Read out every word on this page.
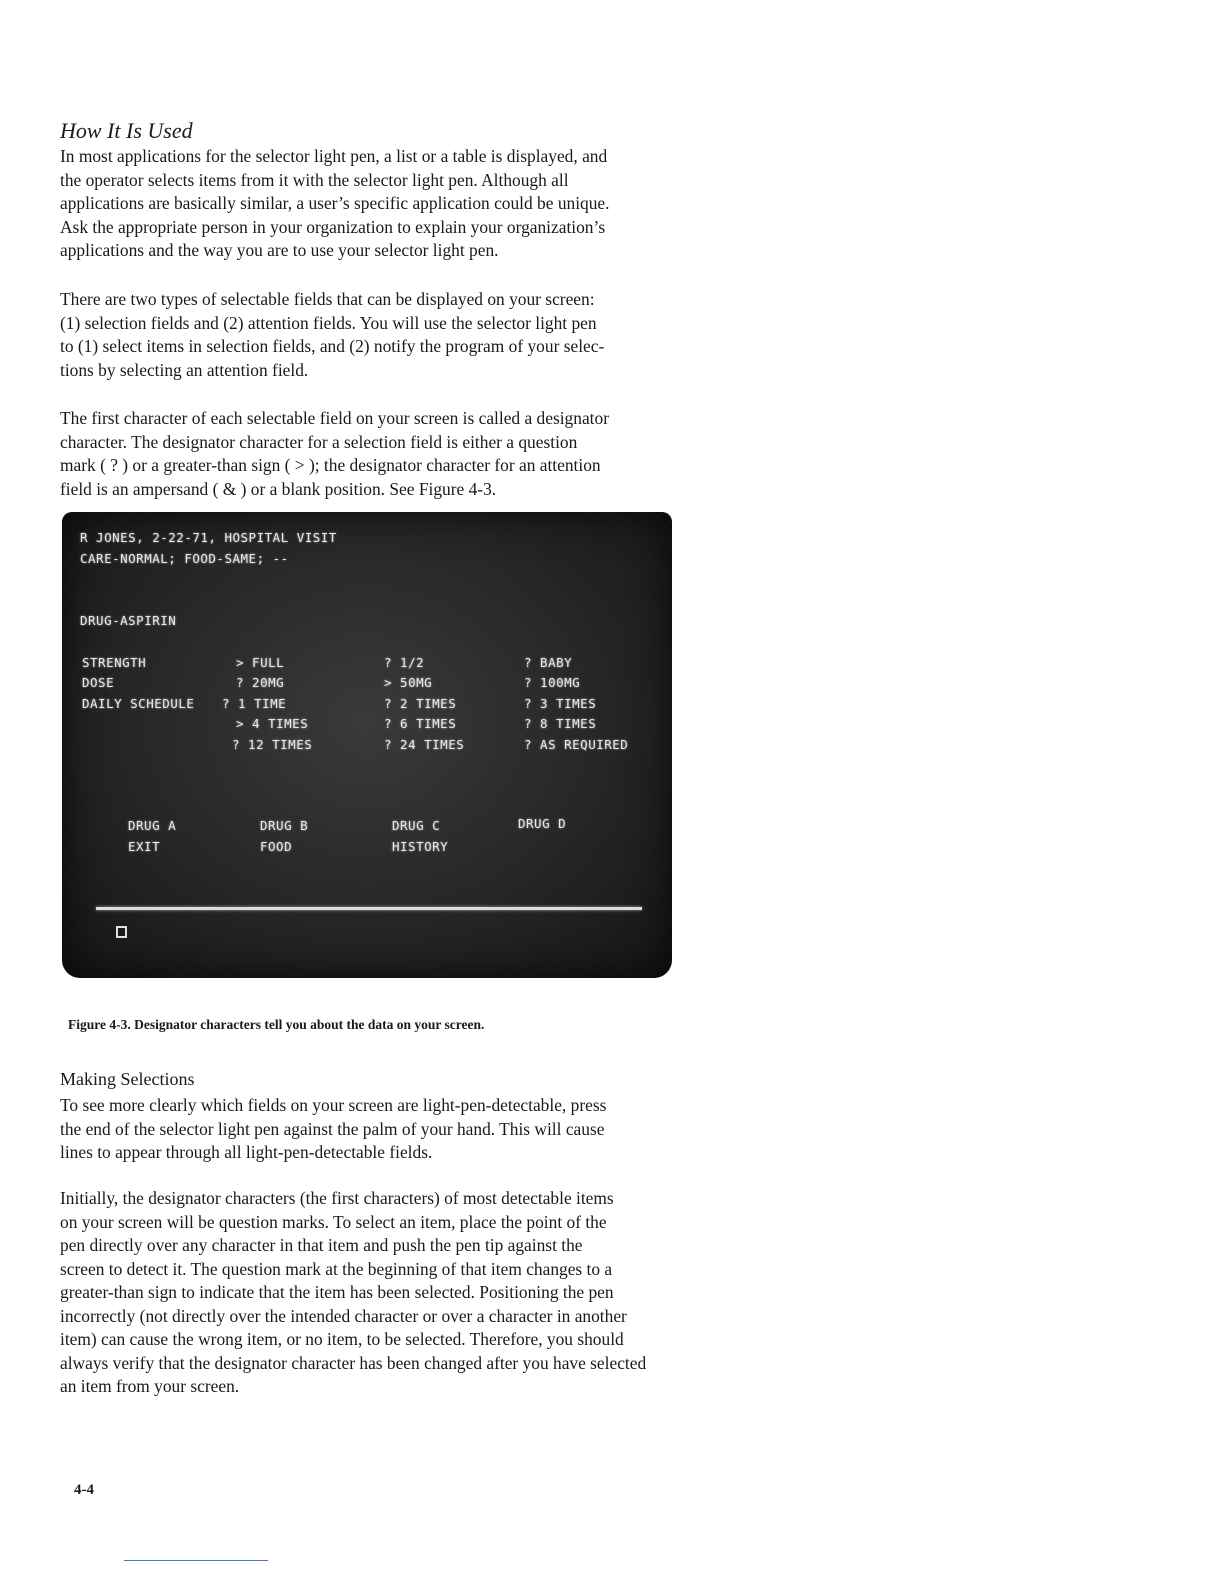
How It Is Used

In most applications for the selector light pen, a list or a table is displayed, and
the operator selects items from it with the selector light pen. Although all
applications are basically similar, a user’s specific application could be unique.
Ask the appropriate person in your organization to explain your organization’s
applications and the way you are to use your selector light pen.

There are two types of selectable fields that can be displayed on your screen:
(1) selection fields and (2) attention fields. You will use the selector light pen
to (1) select items in selection fields, and (2) notify the program of your selec-
tions by selecting an attention field.

The first character of each selectable field on your screen is called a designator
character. The designator character for a selection field is either a question
mark ( ? ) or a greater-than sign ( > ); the designator character for an attention
field is an ampersand ( & ) or a blank position. See Figure 4-3.

R JONES, 2-22-71, HOSPITAL VISIT
CARE-NORMAL; FOOD-SAME; --
DRUG-ASPIRIN
STRENGTH
DOSE
DAILY SCHEDULE
> FULL
? 20MG
? 1 TIME
> 4 TIMES
? 12 TIMES
? 1/2
> 50MG
? 2 TIMES
? 6 TIMES
? 24 TIMES
? BABY
? 100MG
? 3 TIMES
? 8 TIMES
? AS REQUIRED
DRUG A
EXIT
DRUG B
FOOD
DRUG C
HISTORY
DRUG D

Figure 4-3. Designator characters tell you about the data on your screen.

Making Selections

To see more clearly which fields on your screen are light-pen-detectable, press
the end of the selector light pen against the palm of your hand. This will cause
lines to appear through all light-pen-detectable fields.

Initially, the designator characters (the first characters) of most detectable items
on your screen will be question marks. To select an item, place the point of the
pen directly over any character in that item and push the pen tip against the
screen to detect it. The question mark at the beginning of that item changes to a
greater-than sign to indicate that the item has been selected. Positioning the pen
incorrectly (not directly over the intended character or over a character in another
item) can cause the wrong item, or no item, to be selected. Therefore, you should
always verify that the designator character has been changed after you have selected
an item from your screen.

4-4
